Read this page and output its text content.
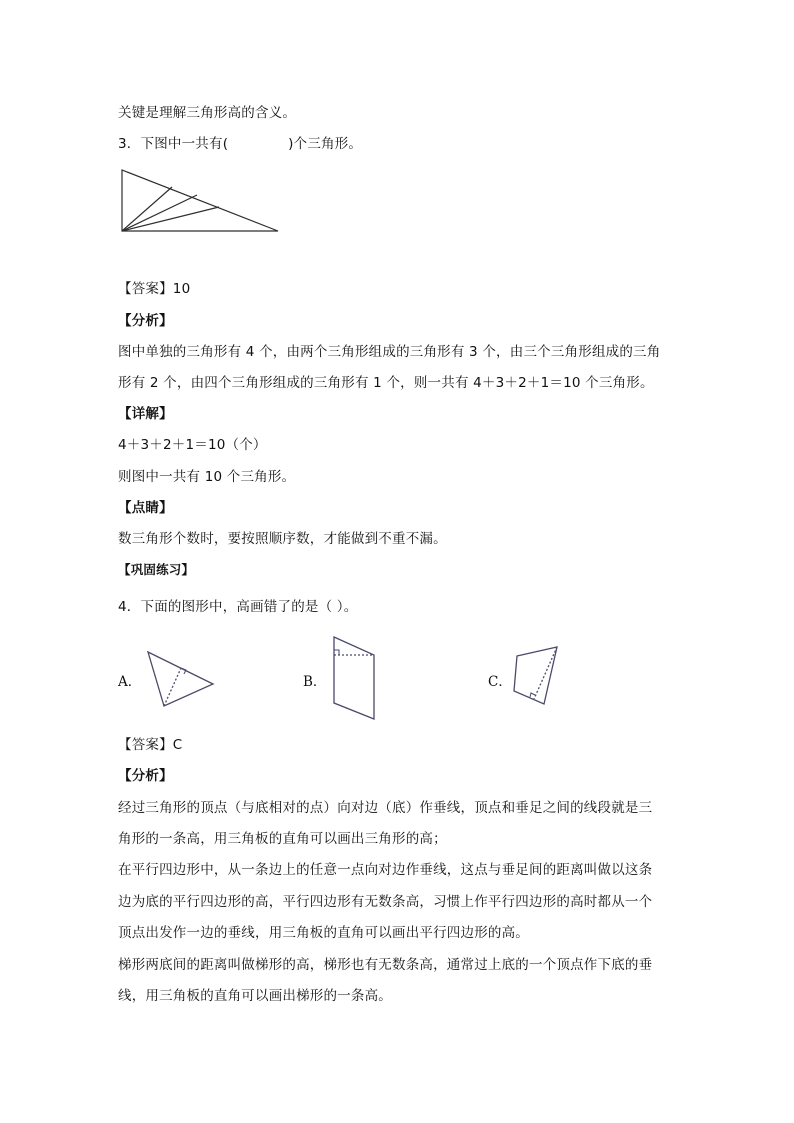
关键是理解三角形高的含义。
3．下图中一共有(	)个三角形。
【答案】10
【分析】
图中单独的三角形有 4 个，由两个三角形组成的三角形有 3 个，由三个三角形组成的三角
形有 2 个，由四个三角形组成的三角形有 1 个，则一共有 4＋3＋2＋1＝10 个三角形。
【详解】
4＋3＋2＋1＝10（个）
则图中一共有 10 个三角形。
【点睛】
数三角形个数时，要按照顺序数，才能做到不重不漏。
【巩固练习】
4．下面的图形中，高画错了的是（ ）。
A．	B．	C．
【答案】C
【分析】
经过三角形的顶点（与底相对的点）向对边（底）作垂线，顶点和垂足之间的线段就是三
角形的一条高，用三角板的直角可以画出三角形的高；
在平行四边形中，从一条边上的任意一点向对边作垂线，这点与垂足间的距离叫做以这条
边为底的平行四边形的高，平行四边形有无数条高，习惯上作平行四边形的高时都从一个
顶点出发作一边的垂线，用三角板的直角可以画出平行四边形的高。
梯形两底间的距离叫做梯形的高，梯形也有无数条高，通常过上底的一个顶点作下底的垂
线，用三角板的直角可以画出梯形的一条高。
